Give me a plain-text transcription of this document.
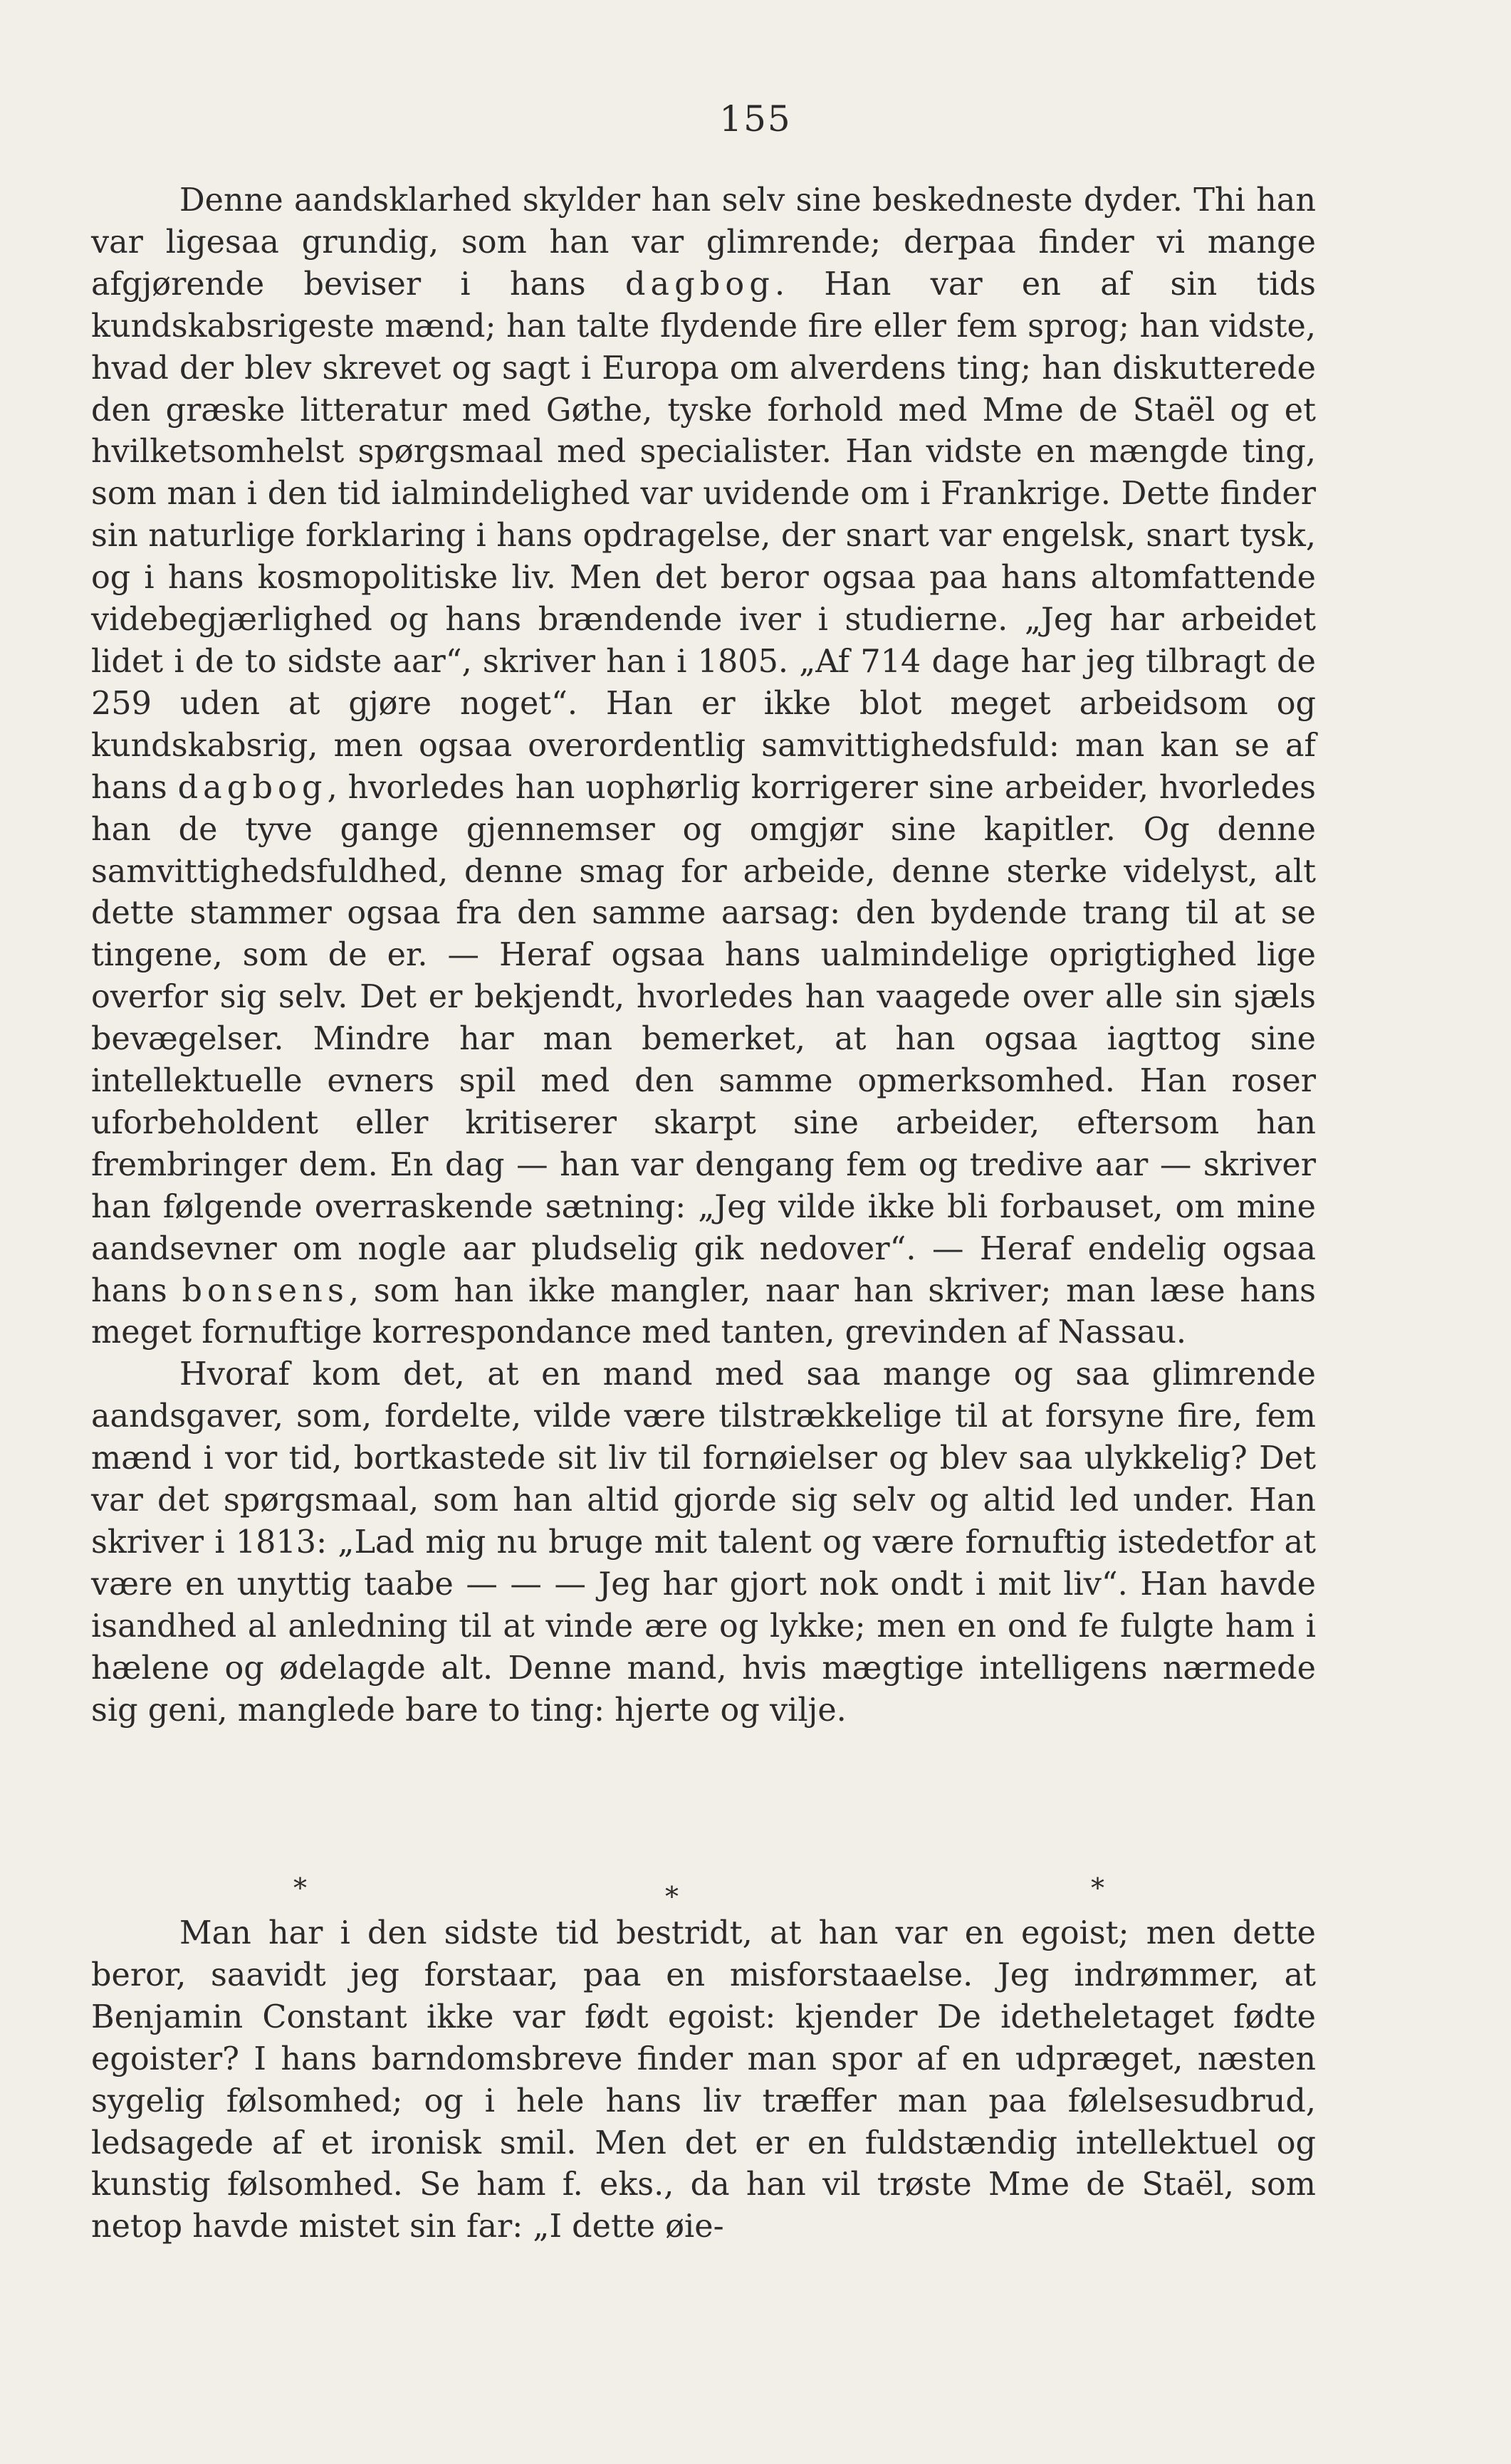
155

Denne aandsklarhed skylder han selv sine beskedneste dyder. Thi han var ligesaa grundig, som han var glimrende; derpaa finder vi mange afgjørende beviser i hans dagbog. Han var en af sin tids kundskabsrigeste mænd; han talte flydende fire eller fem sprog; han vidste, hvad der blev skrevet og sagt i Europa om alverdens ting; han diskutterede den græske litteratur med Gøthe, tyske forhold med Mme de Staël og et hvilketsomhelst spørgsmaal med specialister. Han vidste en mængde ting, som man i den tid ialmindelighed var uvidende om i Frankrige. Dette finder sin naturlige forklaring i hans opdragelse, der snart var engelsk, snart tysk, og i hans kosmopolitiske liv. Men det beror ogsaa paa hans altomfattende videbegjærlighed og hans brændende iver i studierne. „Jeg har arbeidet lidet i de to sidste aar“, skriver han i 1805. „Af 714 dage har jeg tilbragt de 259 uden at gjøre noget“. Han er ikke blot meget arbeidsom og kundskabsrig, men ogsaa overordentlig samvittighedsfuld: man kan se af hans dagbog, hvorledes han uophørlig korrigerer sine arbeider, hvorledes han de tyve gange gjennemser og omgjør sine kapitler. Og denne samvittighedsfuldhed, denne smag for arbeide, denne sterke videlyst, alt dette stammer ogsaa fra den samme aarsag: den bydende trang til at se tingene, som de er. — Heraf ogsaa hans ualmindelige oprigtighed lige overfor sig selv. Det er bekjendt, hvorledes han vaagede over alle sin sjæls bevægelser. Mindre har man bemerket, at han ogsaa iagttog sine intellektuelle evners spil med den samme opmerksomhed. Han roser uforbeholdent eller kritiserer skarpt sine arbeider, eftersom han frembringer dem. En dag — han var dengang fem og tredive aar — skriver han følgende overraskende sætning: „Jeg vilde ikke bli forbauset, om mine aandsevner om nogle aar pludselig gik nedover“. — Heraf endelig ogsaa hans bonsens, som han ikke mangler, naar han skriver; man læse hans meget fornuftige korrespondance med tanten, grevinden af Nassau.

Hvoraf kom det, at en mand med saa mange og saa glimrende aandsgaver, som, fordelte, vilde være tilstrækkelige til at forsyne fire, fem mænd i vor tid, bortkastede sit liv til fornøielser og blev saa ulykkelig? Det var det spørgsmaal, som han altid gjorde sig selv og altid led under. Han skriver i 1813: „Lad mig nu bruge mit talent og være fornuftig istedetfor at være en unyttig taabe — — — Jeg har gjort nok ondt i mit liv“. Han havde isandhed al anledning til at vinde ære og lykke; men en ond fe fulgte ham i hælene og ødelagde alt. Denne mand, hvis mægtige intelligens nærmede sig geni, manglede bare to ting: hjerte og vilje.

*	*	*

Man har i den sidste tid bestridt, at han var en egoist; men dette beror, saavidt jeg forstaar, paa en misforstaaelse. Jeg indrømmer, at Benjamin Constant ikke var født egoist: kjender De idetheletaget fødte egoister? I hans barndomsbreve finder man spor af en udpræget, næsten sygelig følsomhed; og i hele hans liv træffer man paa følelsesudbrud, ledsagede af et ironisk smil. Men det er en fuldstændig intellektuel og kunstig følsomhed. Se ham f. eks., da han vil trøste Mme de Staël, som netop havde mistet sin far: „I dette øie-
